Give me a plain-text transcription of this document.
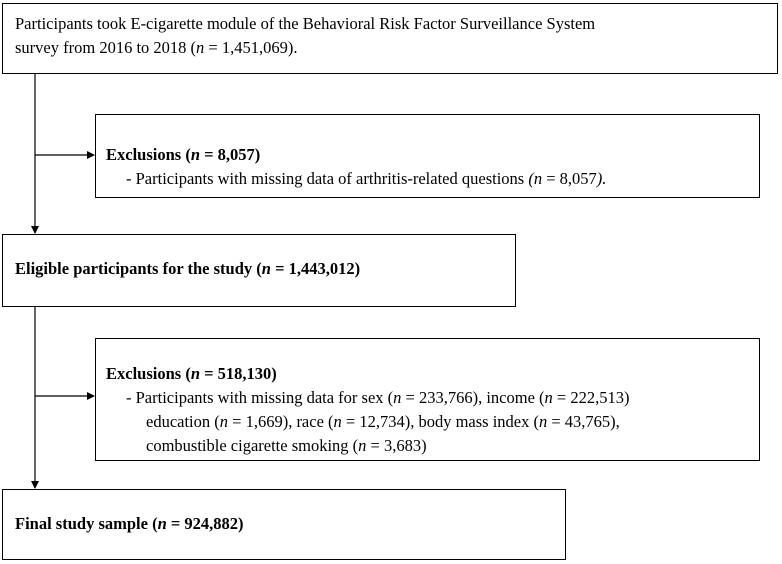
Participants took E-cigarette module of the Behavioral Risk Factor Surveillance System
survey from 2016 to 2018 (n = 1,451,069).
Exclusions (n = 8,057)
- Participants with missing data of arthritis-related questions (n = 8,057).
Eligible participants for the study (n = 1,443,012)
Exclusions (n = 518,130)
- Participants with missing data for sex (n = 233,766), income (n = 222,513)
education (n = 1,669), race (n = 12,734), body mass index (n = 43,765),
combustible cigarette smoking (n = 3,683)
Final study sample (n = 924,882)
